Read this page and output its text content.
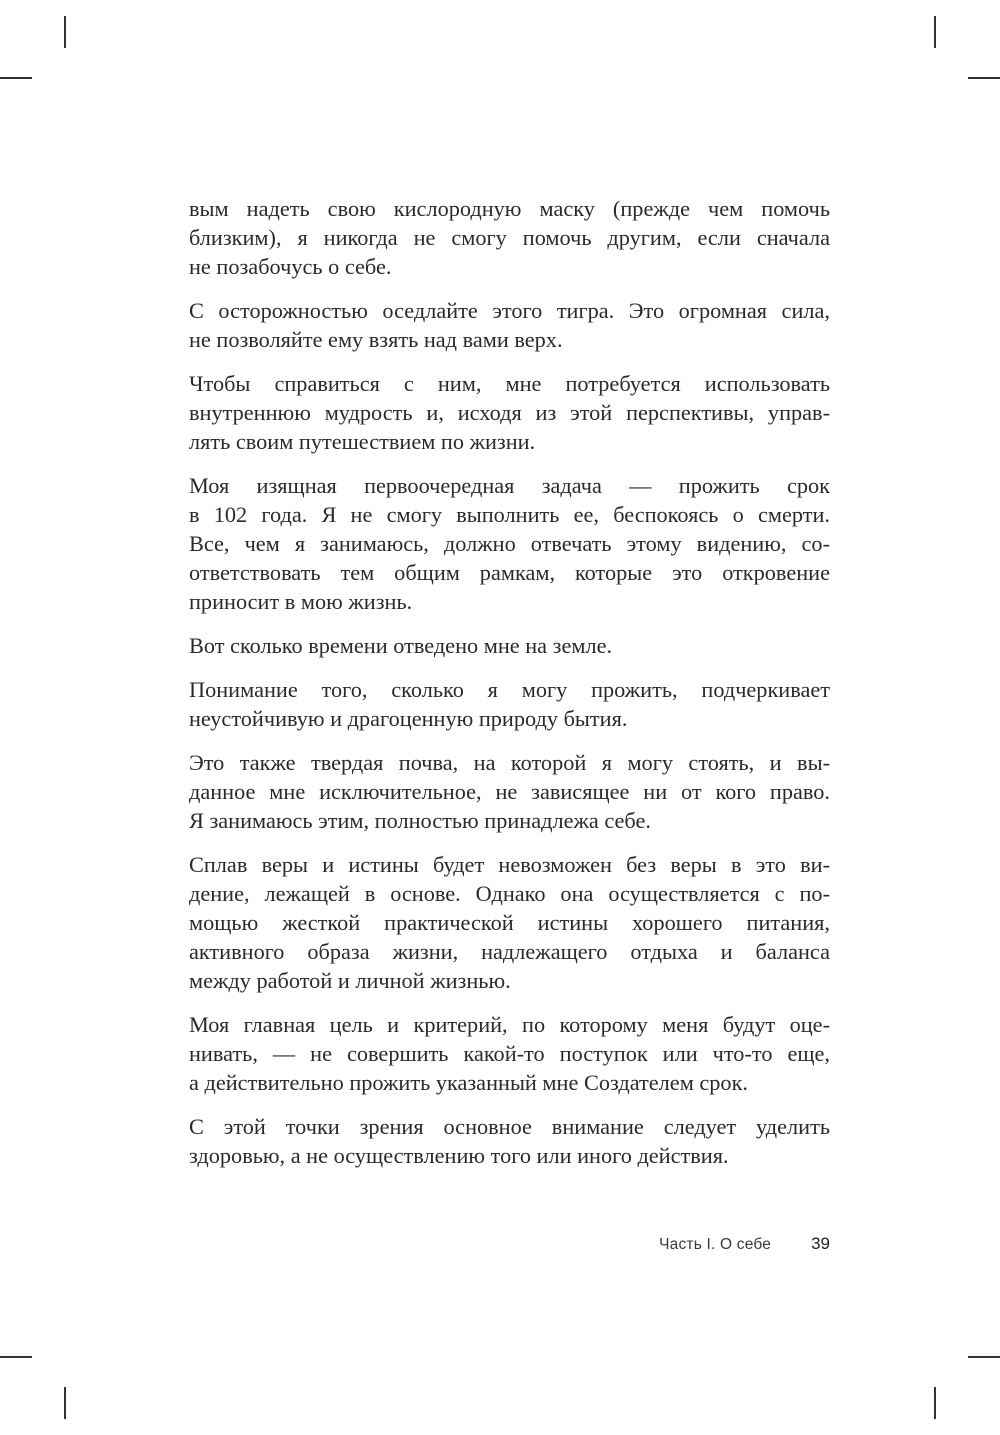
вым надеть свою кислородную маску (прежде чем помочь
близким), я никогда не смогу помочь другим, если сначала
не позабочусь о себе.
С осторожностью оседлайте этого тигра. Это огромная сила,
не позволяйте ему взять над вами верх.
Чтобы справиться с ним, мне потребуется использовать
внутреннюю мудрость и, исходя из этой перспективы, управ-
лять своим путешествием по жизни.
Моя изящная первоочередная задача — прожить срок
в 102 года. Я не смогу выполнить ее, беспокоясь о смерти.
Все, чем я занимаюсь, должно отвечать этому видению, со-
ответствовать тем общим рамкам, которые это откровение
приносит в мою жизнь.
Вот сколько времени отведено мне на земле.
Понимание того, сколько я могу прожить, подчеркивает
неустойчивую и драгоценную природу бытия.
Это также твердая почва, на которой я могу стоять, и вы-
данное мне исключительное, не зависящее ни от кого право.
Я занимаюсь этим, полностью принадлежа себе.
Сплав веры и истины будет невозможен без веры в это ви-
дение, лежащей в основе. Однако она осуществляется с по-
мощью жесткой практической истины хорошего питания,
активного образа жизни, надлежащего отдыха и баланса
между работой и личной жизнью.
Моя главная цель и критерий, по которому меня будут оце-
нивать, — не совершить какой-то поступок или что-то еще,
а действительно прожить указанный мне Создателем срок.
С этой точки зрения основное внимание следует уделить
здоровью, а не осуществлению того или иного действия.
Часть I. О себе 39
